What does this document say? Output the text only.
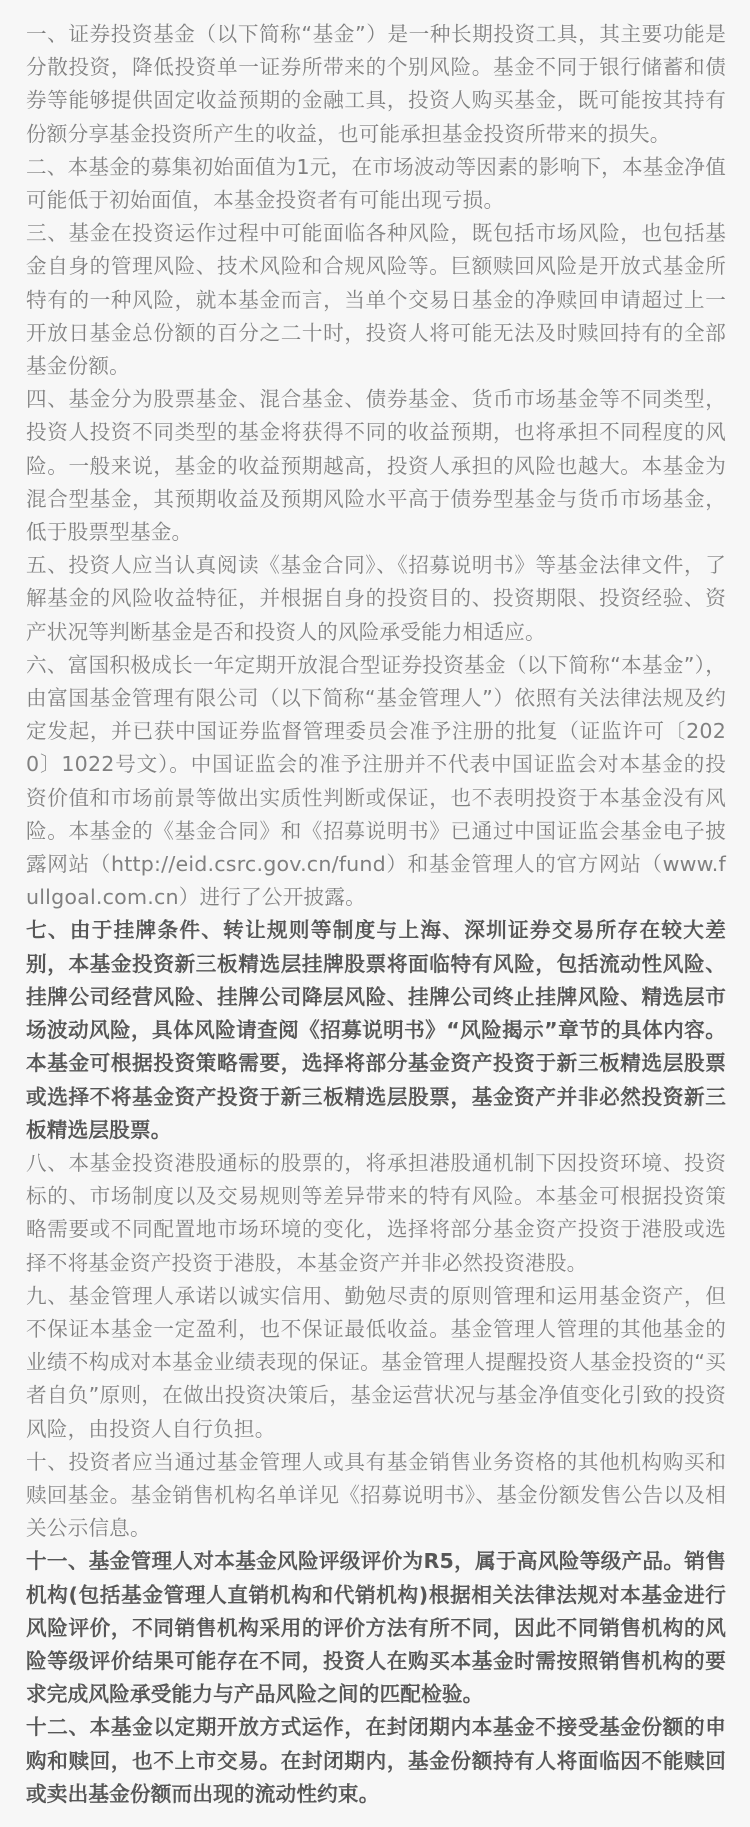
一、证券投资基金（以下简称“基金”）是一种长期投资工具，其主要功能是分散投资，降低投资单一证券所带来的个别风险。基金不同于银行储蓄和债券等能够提供固定收益预期的金融工具，投资人购买基金，既可能按其持有份额分享基金投资所产生的收益，也可能承担基金投资所带来的损失。

二、本基金的募集初始面值为1元，在市场波动等因素的影响下，本基金净值可能低于初始面值，本基金投资者有可能出现亏损。

三、基金在投资运作过程中可能面临各种风险，既包括市场风险，也包括基金自身的管理风险、技术风险和合规风险等。巨额赎回风险是开放式基金所特有的一种风险，就本基金而言，当单个交易日基金的净赎回申请超过上一开放日基金总份额的百分之二十时，投资人将可能无法及时赎回持有的全部基金份额。

四、基金分为股票基金、混合基金、债券基金、货币市场基金等不同类型，投资人投资不同类型的基金将获得不同的收益预期，也将承担不同程度的风险。一般来说，基金的收益预期越高，投资人承担的风险也越大。本基金为混合型基金，其预期收益及预期风险水平高于债券型基金与货币市场基金，低于股票型基金。

五、投资人应当认真阅读《基金合同》、《招募说明书》等基金法律文件，了解基金的风险收益特征，并根据自身的投资目的、投资期限、投资经验、资产状况等判断基金是否和投资人的风险承受能力相适应。

六、富国积极成长一年定期开放混合型证券投资基金（以下简称“本基金”），由富国基金管理有限公司（以下简称“基金管理人”）依照有关法律法规及约定发起，并已获中国证券监督管理委员会准予注册的批复（证监许可〔2020〕1022号文）。中国证监会的准予注册并不代表中国证监会对本基金的投资价值和市场前景等做出实质性判断或保证，也不表明投资于本基金没有风险。本基金的《基金合同》和《招募说明书》已通过中国证监会基金电子披露网站（http://eid.csrc.gov.cn/fund）和基金管理人的官方网站（www.fullgoal.com.cn）进行了公开披露。

七、由于挂牌条件、转让规则等制度与上海、深圳证券交易所存在较大差别，本基金投资新三板精选层挂牌股票将面临特有风险，包括流动性风险、挂牌公司经营风险、挂牌公司降层风险、挂牌公司终止挂牌风险、精选层市场波动风险，具体风险请查阅《招募说明书》“风险揭示”章节的具体内容。本基金可根据投资策略需要，选择将部分基金资产投资于新三板精选层股票或选择不将基金资产投资于新三板精选层股票，基金资产并非必然投资新三板精选层股票。

八、本基金投资港股通标的股票的，将承担港股通机制下因投资环境、投资标的、市场制度以及交易规则等差异带来的特有风险。本基金可根据投资策略需要或不同配置地市场环境的变化，选择将部分基金资产投资于港股或选择不将基金资产投资于港股，本基金资产并非必然投资港股。

九、基金管理人承诺以诚实信用、勤勉尽责的原则管理和运用基金资产，但不保证本基金一定盈利，也不保证最低收益。基金管理人管理的其他基金的业绩不构成对本基金业绩表现的保证。基金管理人提醒投资人基金投资的“买者自负”原则，在做出投资决策后，基金运营状况与基金净值变化引致的投资风险，由投资人自行负担。

十、投资者应当通过基金管理人或具有基金销售业务资格的其他机构购买和赎回基金。基金销售机构名单详见《招募说明书》、基金份额发售公告以及相关公示信息。

十一、基金管理人对本基金风险评级评价为R5，属于高风险等级产品。销售机构(包括基金管理人直销机构和代销机构)根据相关法律法规对本基金进行风险评价，不同销售机构采用的评价方法有所不同，因此不同销售机构的风险等级评价结果可能存在不同，投资人在购买本基金时需按照销售机构的要求完成风险承受能力与产品风险之间的匹配检验。

十二、本基金以定期开放方式运作，在封闭期内本基金不接受基金份额的申购和赎回，也不上市交易。在封闭期内，基金份额持有人将面临因不能赎回或卖出基金份额而出现的流动性约束。
